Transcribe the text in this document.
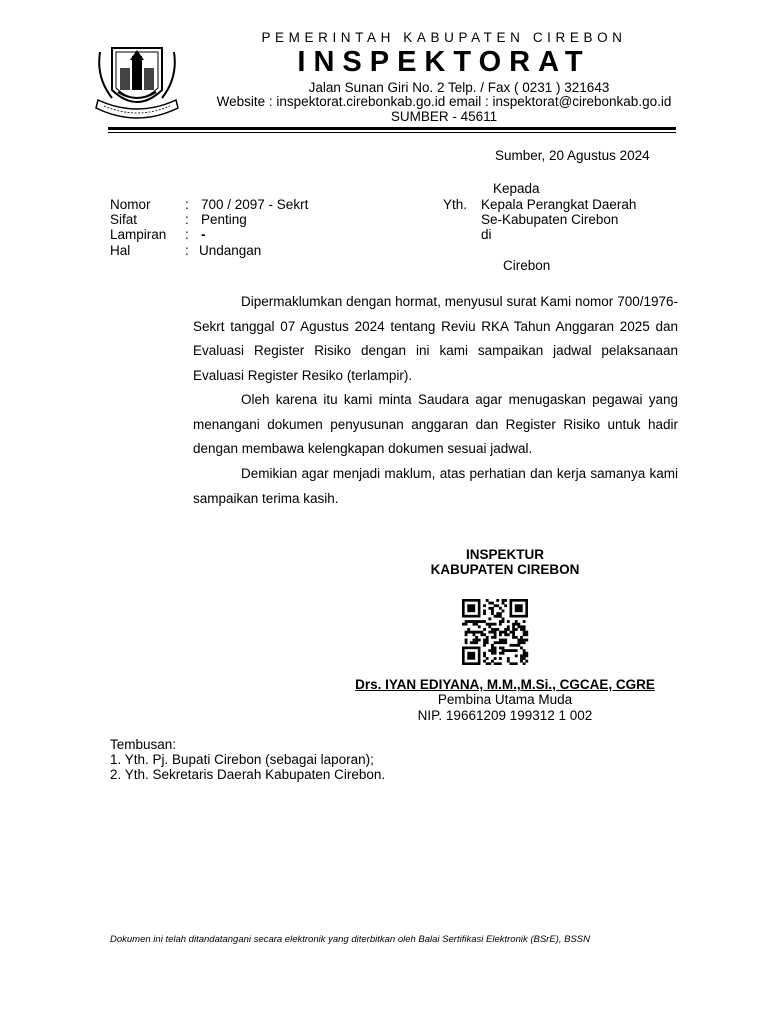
PEMERINTAH KABUPATEN CIREBON
INSPEKTORAT
Jalan Sunan Giri No. 2 Telp. / Fax ( 0231 ) 321643
Website : inspektorat.cirebonkab.go.id email : inspektorat@cirebonkab.go.id
SUMBER - 45611
Sumber, 20 Agustus 2024
Nomor	: 700 / 2097 - Sekrt
Sifat	: Penting
Lampiran : -
Hal	: Undangan
Kepada
Yth. Kepala Perangkat Daerah
Se-Kabupaten Cirebon
di
Cirebon
Dipermaklumkan dengan hormat, menyusul surat Kami nomor 700/1976-Sekrt tanggal 07 Agustus 2024 tentang Reviu RKA Tahun Anggaran 2025 dan Evaluasi Register Risiko dengan ini kami sampaikan jadwal pelaksanaan Evaluasi Register Resiko (terlampir).
Oleh karena itu kami minta Saudara agar menugaskan pegawai yang menangani dokumen penyusunan anggaran dan Register Risiko untuk hadir dengan membawa kelengkapan dokumen sesuai jadwal.
Demikian agar menjadi maklum, atas perhatian dan kerja samanya kami sampaikan terima kasih.
INSPEKTUR
KABUPATEN CIREBON
Drs. IYAN EDIYANA, M.M.,M.Si., CGCAE, CGRE
Pembina Utama Muda
NIP. 19661209 199312 1 002
Tembusan:
1. Yth. Pj. Bupati Cirebon (sebagai laporan);
2. Yth. Sekretaris Daerah Kabupaten Cirebon.
Dokumen ini telah ditandatangani secara elektronik yang diterbitkan oleh Balai Sertifikasi Elektronik (BSrE), BSSN
